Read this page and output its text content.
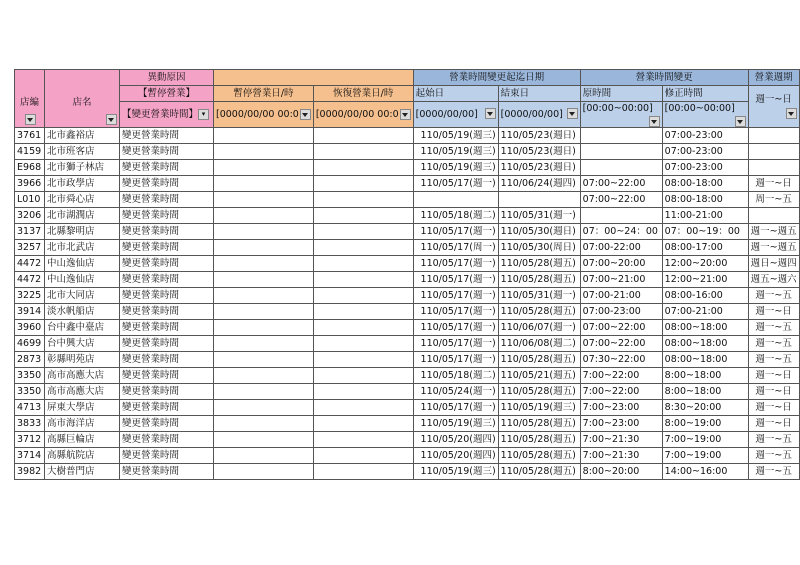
店編	店名	異動原因			營業時間變更起迄日期		營業時間變更		營業週期
		【暫停營業】	暫停營業日/時	恢復營業日/時	起始日	結束日	原時間	修正時間	週一~日

		【變更營業時間】 ▾	[0000/00/00 00:0	[0000/00/00 00:0	[0000/00/00]	[0000/00/00]	[00:00~00:00]	[00:00~00:00]	

3761	北市鑫裕店	變更營業時間			110/05/19(週三)	110/05/23(週日)		07:00-23:00	
4159	北市班客店	變更營業時間			110/05/19(週三)	110/05/23(週日)		07:00-23:00	
E968	北市獅子林店	變更營業時間			110/05/19(週三)	110/05/23(週日)		07:00-23:00	
3966	北市政學店	變更營業時間			110/05/17(週一)	110/06/24(週四)	07:00~22:00	08:00-18:00	週一~日
L010	北市舜心店	變更營業時間					07:00~22:00	08:00-18:00	周一~五
3206	北市湖潤店	變更營業時間			110/05/18(週二)	110/05/31(週一)		11:00-21:00	
3137	北縣黎明店	變更營業時間			110/05/17(週一)	110/05/30(週日)	07：00~24：00	07：00~19：00	週一~週五
3257	北市北武店	變更營業時間			110/05/17(周一)	110/05/30(周日)	07:00-22:00	08:00-17:00	週一~週五
4472	中山逸仙店	變更營業時間			110/05/17(週一)	110/05/28(週五)	07:00~20:00	12:00~20:00	週日~週四
4472	中山逸仙店	變更營業時間			110/05/17(週一)	110/05/28(週五)	07:00~21:00	12:00~21:00	週五~週六
3225	北市大同店	變更營業時間			110/05/17(週一)	110/05/31(週一)	07:00-21:00	08:00-16:00	週一~五
3914	淡水帆船店	變更營業時間			110/05/17(週一)	110/05/28(週五)	07:00-23:00	07:00-21:00	週一~日
3960	台中鑫中臺店	變更營業時間			110/05/17(週一)	110/06/07(週一)	07:00~22:00	08:00~18:00	週一~五
4699	台中興大店	變更營業時間			110/05/17(週一)	110/06/08(週二)	07:00~22:00	08:00~18:00	週一~五
2873	彰縣明苑店	變更營業時間			110/05/17(週一)	110/05/28(週五)	07:30~22:00	08:00~18:00	週一~五
3350	高市高應大店	變更營業時間			110/05/18(週二)	110/05/21(週五)	7:00~22:00	8:00~18:00	週一~日
3350	高市高應大店	變更營業時間			110/05/24(週一)	110/05/28(週五)	7:00~22:00	8:00~18:00	週一~日
4713	屏東大學店	變更營業時間			110/05/17(週一)	110/05/19(週三)	7:00~23:00	8:30~20:00	週一~日
3833	高市海洋店	變更營業時間			110/05/19(週三)	110/05/28(週五)	7:00~23:00	8:00~19:00	週一~日
3712	高縣巨輪店	變更營業時間			110/05/20(週四)	110/05/28(週五)	7:00~21:30	7:00~19:00	週一~五
3714	高縣航院店	變更營業時間			110/05/20(週四)	110/05/28(週五)	7:00~21:30	7:00~19:00	週一~五
3982	大樹普門店	變更營業時間			110/05/19(週三)	110/05/28(週五)	8:00~20:00	14:00~16:00	週一~五
